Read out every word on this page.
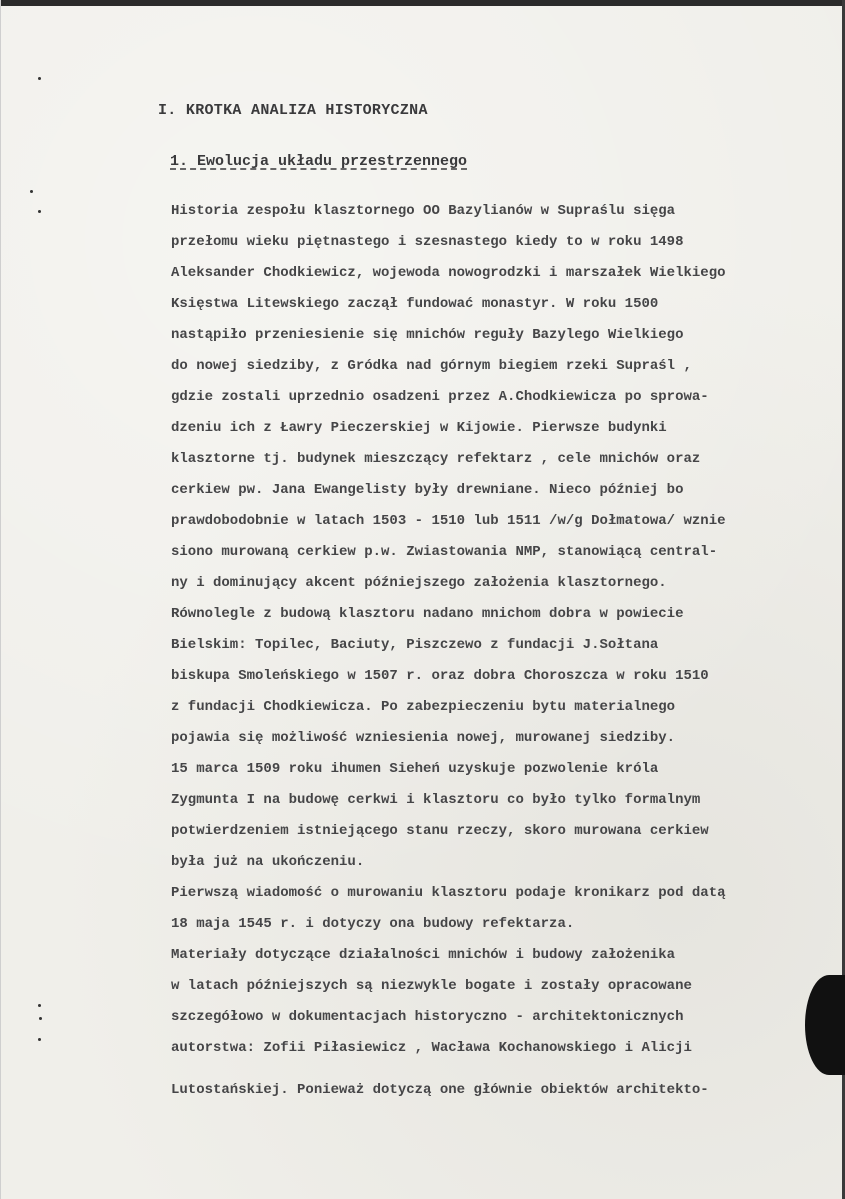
I. KROTKA ANALIZA HISTORYCZNA
1. Ewolucja układu przestrzennego
Historia zespołu klasztornego OO Bazylianów w Supraślu sięga
przełomu wieku piętnastego i szesnastego kiedy to w roku 1498
Aleksander Chodkiewicz, wojewoda nowogrodzki i marszałek Wielkiego
Księstwa Litewskiego zaczął fundować monastyr. W roku 1500
nastąpiło przeniesienie się mnichów reguły Bazylego Wielkiego
do nowej siedziby, z Gródka nad górnym biegiem rzeki Supraśl ,
gdzie zostali uprzednio osadzeni przez A.Chodkiewicza po sprowa-
dzeniu ich z Ławry Pieczerskiej w Kijowie. Pierwsze budynki
klasztorne tj. budynek mieszczący refektarz , cele mnichów oraz
cerkiew pw. Jana Ewangelisty były drewniane. Nieco później bo
prawdobodobnie w latach 1503 - 1510 lub 1511 /w/g Dołmatowa/ wznie
siono murowaną cerkiew p.w. Zwiastowania NMP, stanowiącą central-
ny i dominujący akcent późniejszego założenia klasztornego.
Równolegle z budową klasztoru nadano mnichom dobra w powiecie
Bielskim: Topilec, Baciuty, Piszczewo z fundacji J.Sołtana
biskupa Smoleńskiego w 1507 r. oraz dobra Choroszcza w roku 1510
z fundacji Chodkiewicza. Po zabezpieczeniu bytu materialnego
pojawia się możliwość wzniesienia nowej, murowanej siedziby.
15 marca 1509 roku ihumen Sieheń uzyskuje pozwolenie króla
Zygmunta I na budowę cerkwi i klasztoru co było tylko formalnym
potwierdzeniem istniejącego stanu rzeczy, skoro murowana cerkiew
była już na ukończeniu.
Pierwszą wiadomość o murowaniu klasztoru podaje kronikarz pod datą
18 maja 1545 r. i dotyczy ona budowy refektarza.
Materiały dotyczące działalności mnichów i budowy założenika
w latach późniejszych są niezwykle bogate i zostały opracowane
szczegółowo w dokumentacjach historyczno - architektonicznych
autorstwa: Zofii Piłasiewicz , Wacława Kochanowskiego i Alicji
Lutostańskiej. Ponieważ dotyczą one głównie obiektów architekto-
